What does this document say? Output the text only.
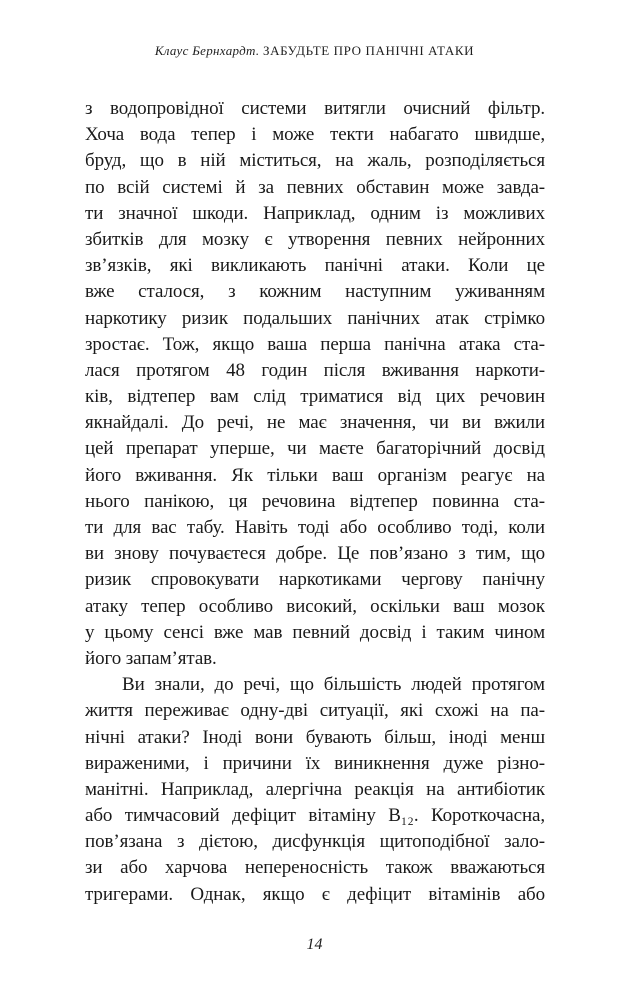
Клаус Бернхардт. ЗАБУДЬТЕ ПРО ПАНІЧНІ АТАКИ
з водопровідної системи витягли очисний фільтр.
Хоча вода тепер і може текти набагато швидше,
бруд, що в ній міститься, на жаль, розподіляється
по всій системі й за певних обставин може завда-
ти значної шкоди. Наприклад, одним із можливих
збитків для мозку є утворення певних нейронних
зв’язків, які викликають панічні атаки. Коли це
вже сталося, з кожним наступним уживанням
наркотику ризик подальших панічних атак стрімко
зростає. Тож, якщо ваша перша панічна атака ста-
лася протягом 48 годин після вживання наркоти-
ків, відтепер вам слід триматися від цих речовин
якнайдалі. До речі, не має значення, чи ви вжили
цей препарат уперше, чи маєте багаторічний досвід
його вживання. Як тільки ваш організм реагує на
нього панікою, ця речовина відтепер повинна ста-
ти для вас табу. Навіть тоді або особливо тоді, коли
ви знову почуваєтеся добре. Це пов’язано з тим, що
ризик спровокувати наркотиками чергову панічну
атаку тепер особливо високий, оскільки ваш мозок
у цьому сенсі вже мав певний досвід і таким чином
його запам’ятав.
Ви знали, до речі, що більшість людей протягом
життя переживає одну-дві ситуації, які схожі на па-
нічні атаки? Іноді вони бувають більш, іноді менш
вираженими, і причини їх виникнення дуже різно-
манітні. Наприклад, алергічна реакція на антибіотик
або тимчасовий дефіцит вітаміну B₁₂. Короткочасна,
пов’язана з дієтою, дисфункція щитоподібної зало-
зи або харчова непереносність також вважаються
тригерами. Однак, якщо є дефіцит вітамінів або
14
